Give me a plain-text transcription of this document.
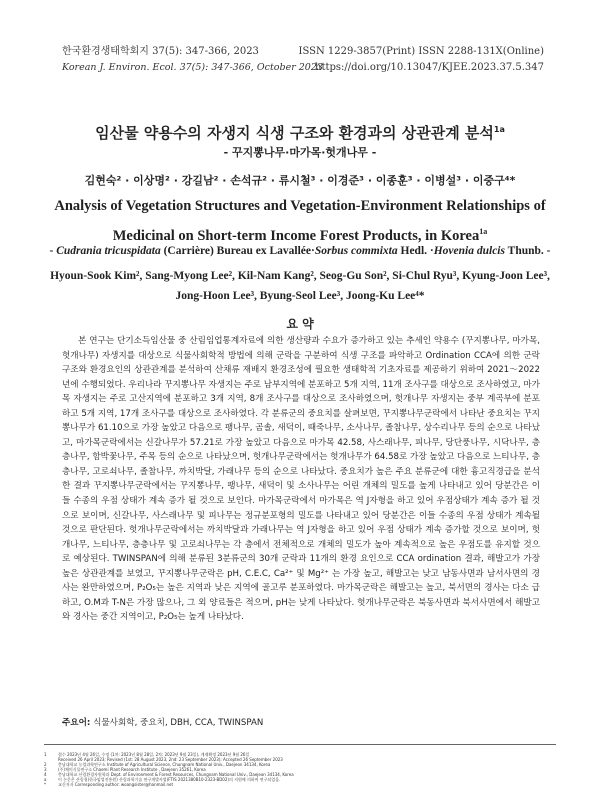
한국환경생태학회지 37(5): 347-366, 2023
Korean J. Environ. Ecol. 37(5): 347-366, October 2023
ISSN 1229-3857(Print) ISSN 2288-131X(Online)
https://doi.org/10.13047/KJEE.2023.37.5.347
임산물 약용수의 자생지 식생 구조와 환경과의 상관관계 분석$^{1a}$
- 꾸지뽕나무·마가목·헛개나무 -
김현숙² · 이상명² · 강길남² · 손석규² · 류시철³ · 이경준³ · 이종훈³ · 이병설³ · 이중구⁴*
Analysis of Vegetation Structures and Vegetation-Environment Relationships of Medicinal on Short-term Income Forest Products, in Korea$^{1a}$
- Cudrania tricuspidata (Carrière) Bureau ex Lavallée·Sorbus commixta Hedl. ·Hovenia dulcis Thunb. -
Hyoun-Sook Kim², Sang-Myong Lee², Kil-Nam Kang², Seog-Gu Son², Si-Chul Ryu³, Kyung-Joon Lee³, Jong-Hoon Lee³, Byung-Seol Lee³, Joong-Ku Lee⁴*
요 약
본 연구는 단기소득임산물 중 산림임업통계자료에 의한 생산량과 수요가 증가하고 있는 추세인 약용수 (꾸지뽕나무, 마가목, 헛개나무) 자생지를 대상으로 식물사회학적 방법에 의해 군락을 구분하여 식생 구조를 파악하고 Ordination CCA에 의한 군락구조와 환경요인의 상관관계를 분석하여 산채류 재배지 환경조성에 필요한 생태학적 기초자료를 제공하기 위하여 2021～2022년에 수행되었다. 우리나라 꾸지뽕나무 자생지는 주로 남부지역에 분포하고 5개 지역, 11개 조사구를 대상으로 조사하였고, 마가목 자생지는 주로 고산지역에 분포하고 3개 지역, 8개 조사구를 대상으로 조사하였으며, 헛개나무 자생지는 중부 계곡부에 분포하고 5개 지역, 17개 조사구를 대상으로 조사하였다. 각 분류군의 중요치를 살펴보면, 꾸지뽕나무군락에서 나타난 중요치는 꾸지뽕나무가 61.10으로 가장 높았고 다음으로 팽나무, 곰솔, 새덕이, 때죽나무, 소사나무, 졸참나무, 상수리나무 등의 순으로 나타났고, 마가목군락에서는 신갈나무가 57.21로 가장 높았고 다음으로 마가목 42.58, 사스래나무, 피나무, 당단풍나무, 시닥나무, 층층나무, 함박꽃나무, 주목 등의 순으로 나타났으며, 헛개나무군락에서는 헛개나무가 64.58로 가장 높았고 다음으로 느티나무, 층층나무, 고로쇠나무, 졸참나무, 까치박달, 가래나무 등의 순으로 나타났다. 중요치가 높은 주요 분류군에 대한 흉고직경급을 분석한 결과 꾸지뽕나무군락에서는 꾸지뽕나무, 팽나무, 새덕이 및 소사나무는 어린 개체의 밀도를 높게 나타내고 있어 당분간은 이들 수종의 우점 상태가 계속 증가 될 것으로 보인다. 마가목군락에서 마가목은 역 J자형을 하고 있어 우점상태가 계속 증가 될 것으로 보이며, 신갈나무, 사스래나무 및 피나무는 정규분포형의 밀도를 나타내고 있어 당분간은 이들 수종의 우점 상태가 계속될 것으로 판단된다. 헛개나무군락에서는 까치박달과 가래나무는 역 J자형을 하고 있어 우점 상태가 계속 증가할 것으로 보이며, 헛개나무, 느티나무, 층층나무 및 고로쇠나무는 각 층에서 전체적으로 개체의 밀도가 높아 계속적으로 높은 우점도를 유지할 것으로 예상된다. TWINSPAN에 의해 분류된 3분류군의 30개 군락과 11개의 환경 요인으로 CCA ordination 결과, 해발고가 가장 높은 상관관계를 보였고, 꾸지뽕나무군락은 pH, C.E.C, Ca²⁺ 및 Mg²⁺ 는 가장 높고, 해발고는 낮고 남동사면과 남서사면의 경사는 완만하였으며, P₂O₅는 높은 지역과 낮은 지역에 골고루 분포하였다. 마가목군락은 해발고는 높고, 북서면의 경사는 다소 급하고, O.M과 T-N은 가장 많으나, 그 외 양료들은 적으며, pH는 낮게 나타났다. 헛개나무군락은 북동사면과 북서사면에서 해발고와 경사는 중간 지역이고, P₂O₅는 높게 나타났다.
주요어: 식물사회학, 중요치, DBH, CCA, TWINSPAN
1	접수 2023년 4월 26일, 수정 (1차: 2023년 8월 28일, 2차: 2023년 9월 23일), 게재확정 2023년 9월 26일
Received 26 April 2023; Revised (1st: 28 August 2023, 2nd: 23 September 2023); Accepted 26 September 2023
2	충남대학교 농업과학연구소 Institute of Agricultural Science, Chungnam National Univ., Daejeon 34134, Korea
3	(주)채미식물연구소 Chaemi Plant Research Institute , Daejeon 35261, Korea
4	충남대학교 산림환경자원학과 Dept. of Environment & Forest Resources, Chungnam National Univ., Daejeon 34134, Korea
a	이 논문은 산림청(한국임업진흥원) 산림과학기술 연구개발사업(FTIS 2021380B10-2323-BD02)의 지원에 의하여 연구되었음.
*	교신저자 Corresponding author: woangsister@hanmail.net
